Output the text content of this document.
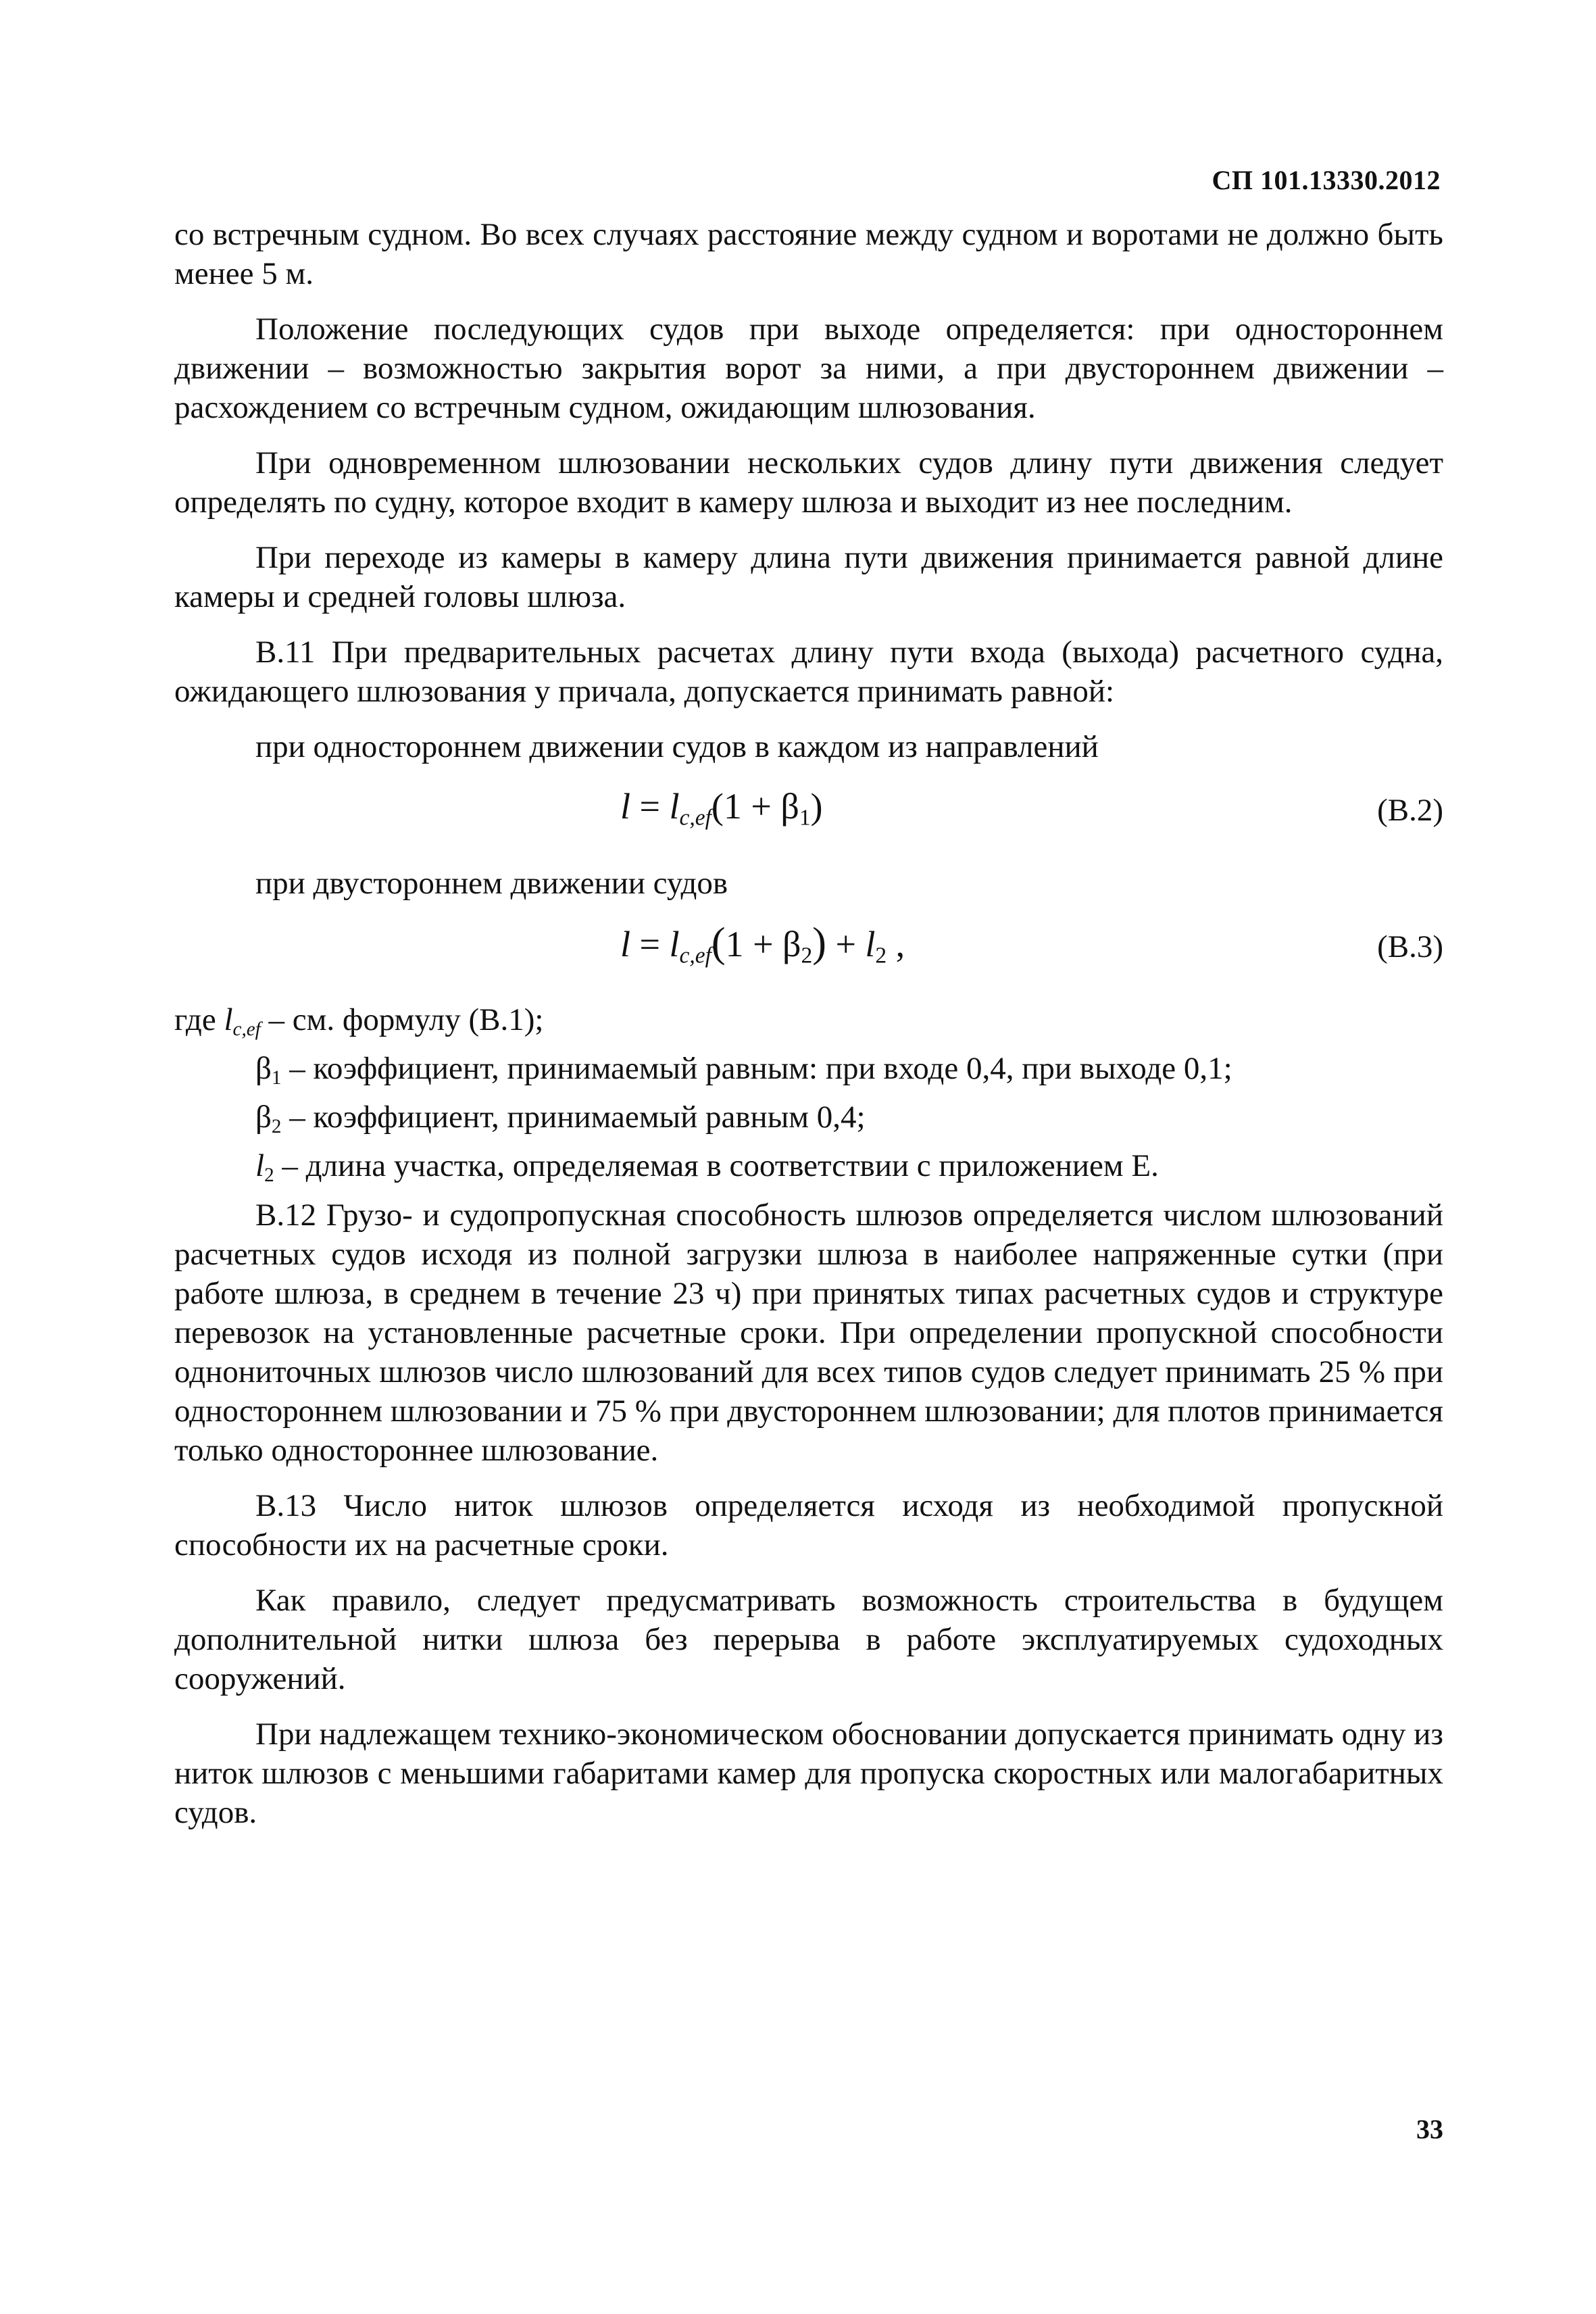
СП 101.13330.2012

со встречным судном. Во всех случаях расстояние между судном и воротами не должно быть менее 5 м.

Положение последующих судов при выходе определяется: при одностороннем движении – возможностью закрытия ворот за ними, а при двустороннем движении – расхождением со встречным судном, ожидающим шлюзования.

При одновременном шлюзовании нескольких судов длину пути движения следует определять по судну, которое входит в камеру шлюза и выходит из нее последним.

При переходе из камеры в камеру длина пути движения принимается равной длине камеры и средней головы шлюза.

В.11 При предварительных расчетах длину пути входа (выхода) расчетного судна, ожидающего шлюзования у причала, допускается принимать равной:

при одностороннем движении судов в каждом из направлений

$l = l_{c,ef}(1 + \beta 1)$	(В.2)

при двустороннем движении судов

$l = l_{c,ef}(1 + \beta 2) + l2$ ,	(В.3)

где $l_{c,ef}$ – см. формулу (В.1);

β1 – коэффициент, принимаемый равным: при входе 0,4, при выходе 0,1;

β2 – коэффициент, принимаемый равным 0,4;

l2 – длина участка, определяемая в соответствии с приложением Е.

В.12 Грузо- и судопропускная способность шлюзов определяется числом шлюзований расчетных судов исходя из полной загрузки шлюза в наиболее напряженные сутки (при работе шлюза, в среднем в течение 23 ч) при принятых типах расчетных судов и структуре перевозок на установленные расчетные сроки. При определении пропускной способности однониточных шлюзов число шлюзований для всех типов судов следует принимать 25 % при одностороннем шлюзовании и 75 % при двустороннем шлюзовании; для плотов принимается только одностороннее шлюзование.

В.13 Число ниток шлюзов определяется исходя из необходимой пропускной способности их на расчетные сроки.

Как правило, следует предусматривать возможность строительства в будущем дополнительной нитки шлюза без перерыва в работе эксплуатируемых судоходных сооружений.

При надлежащем технико-экономическом обосновании допускается принимать одну из ниток шлюзов с меньшими габаритами камер для пропуска скоростных или малогабаритных судов.

33
